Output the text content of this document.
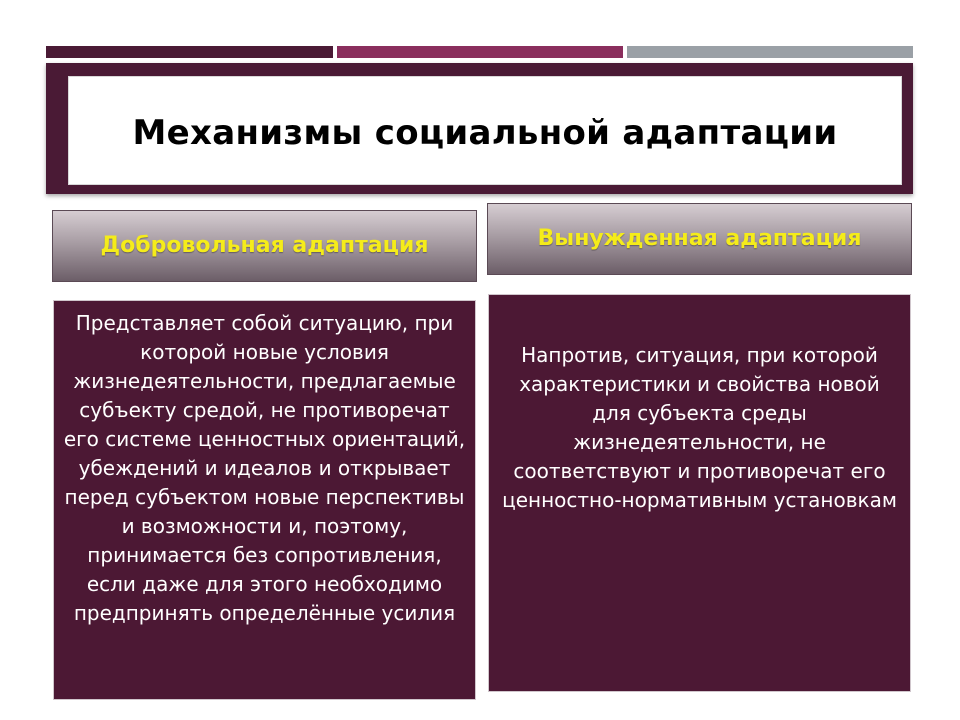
Механизмы социальной адаптации
Добровольная адаптация	Вынужденная адаптация
Представляет собой ситуацию, при которой новые условия жизнедеятельности, предлагаемые субъекту средой, не противоречат его системе ценностных ориентаций, убеждений и идеалов и открывает перед субъектом новые перспективы и возможности и, поэтому, принимается без сопротивления, если даже для этого необходимо предпринять определённые усилия
Напротив, ситуация, при которой характеристики и свойства новой для субъекта среды жизнедеятельности, не соответствуют и противоречат его ценностно-нормативным установкам
